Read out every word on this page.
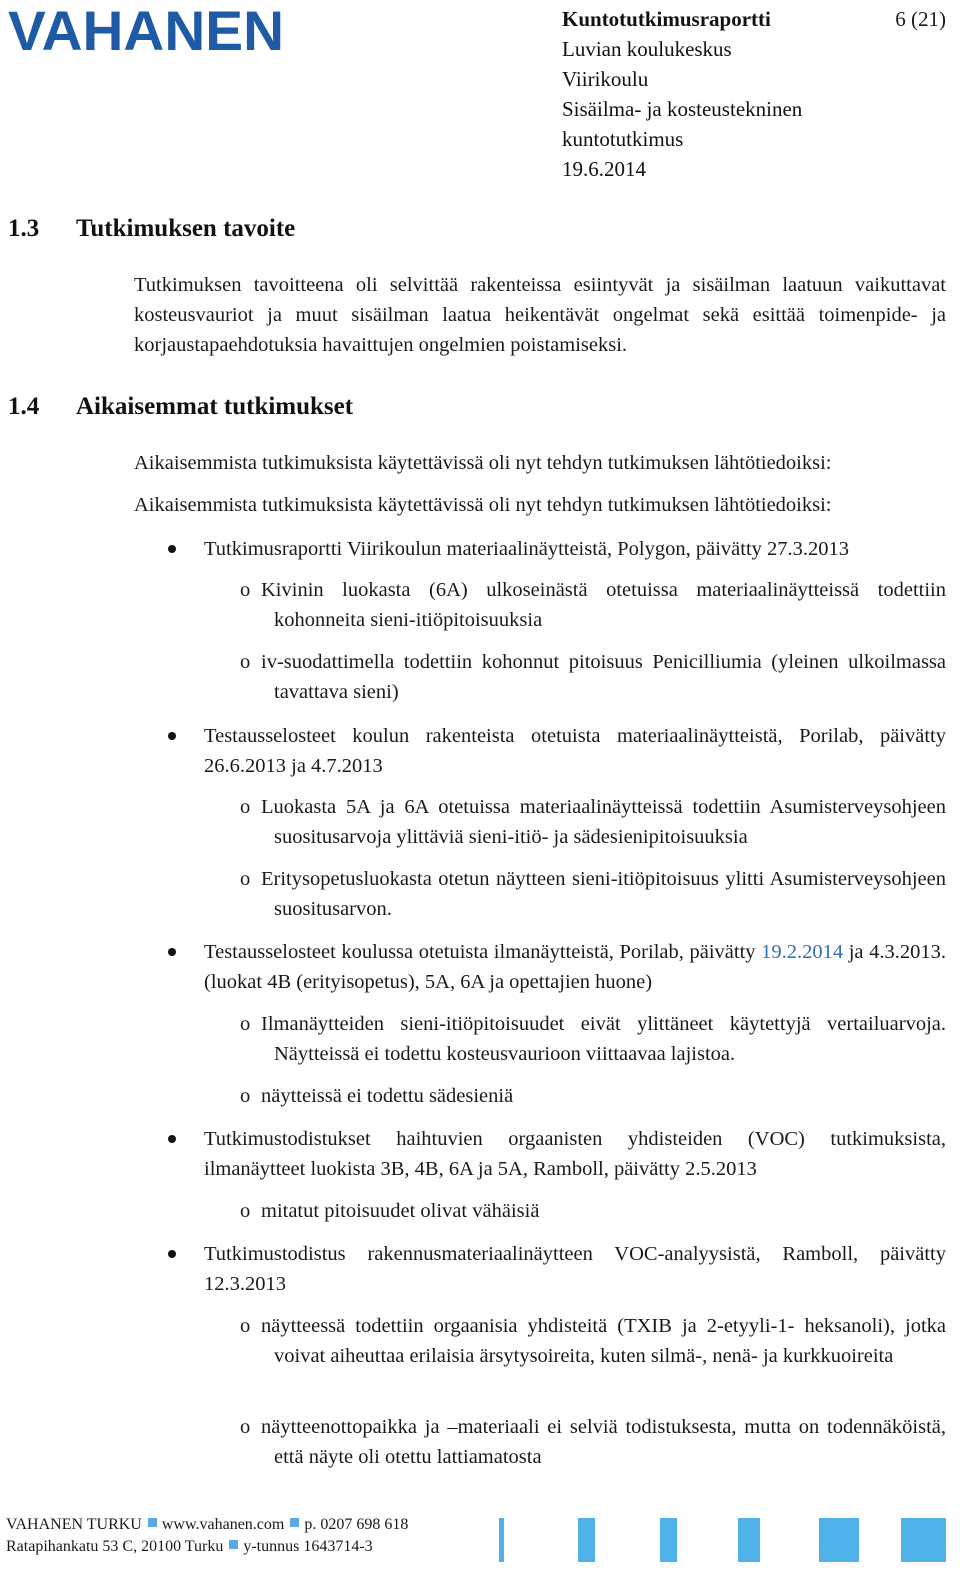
VAHANEN	Kuntotutkimusraportti
Luvian koulukeskus
Viirikoulu
Sisäilma- ja kosteustekninen
kuntotutkimus
19.6.2014
6 (21)
1.3 Tutkimuksen tavoite
Tutkimuksen tavoitteena oli selvittää rakenteissa esiintyvät ja sisäilman laatuun vaikuttavat kosteusvauriot ja muut sisäilman laatua heikentävät ongelmat sekä esittää toimenpide- ja korjaustapaehdotuksia havaittujen ongelmien poistamiseksi.
1.4 Aikaisemmat tutkimukset
Aikaisemmista tutkimuksista käytettävissä oli nyt tehdyn tutkimuksen lähtötiedoiksi:
Aikaisemmista tutkimuksista käytettävissä oli nyt tehdyn tutkimuksen lähtötiedoiksi:
Tutkimusraportti Viirikoulun materiaalinäytteistä, Polygon, päivätty 27.3.2013
o Kivinin luokasta (6A) ulkoseinästä otetuissa materiaalinäytteissä todettiin kohonneita sieni-itiöpitoisuuksia
o iv-suodattimella todettiin kohonnut pitoisuus Penicilliumia (yleinen ulkoilmassa tavattava sieni)
Testausselosteet koulun rakenteista otetuista materiaalinäytteistä, Porilab, päivätty 26.6.2013 ja 4.7.2013
o Luokasta 5A ja 6A otetuissa materiaalinäytteissä todettiin Asumisterveysohjeen suositusarvoja ylittäviä sieni-itiö- ja sädesienipitoisuuksia
o Eritysopetusluokasta otetun näytteen sieni-itiöpitoisuus ylitti Asumisterveysohjeen suositusarvon.
Testausselosteet koulussa otetuista ilmanäytteistä, Porilab, päivätty 19.2.2014 ja 4.3.2013. (luokat 4B (erityisopetus), 5A, 6A ja opettajien huone)
o Ilmanäytteiden sieni-itiöpitoisuudet eivät ylittäneet käytettyjä vertailuarvoja. Näytteissä ei todettu kosteusvaurioon viittaavaa lajistoa.
o näytteissä ei todettu sädesieniä
Tutkimustodistukset haihtuvien orgaanisten yhdisteiden (VOC) tutkimuksista, ilmanäytteet luokista 3B, 4B, 6A ja 5A, Ramboll, päivätty 2.5.2013
o mitatut pitoisuudet olivat vähäisiä
Tutkimustodistus rakennusmateriaalinäytteen VOC-analyysistä, Ramboll, päivätty 12.3.2013
o näytteessä todettiin orgaanisia yhdisteitä (TXIB ja 2-etyyli-1- heksanoli), jotka voivat aiheuttaa erilaisia ärsytysoireita, kuten silmä-, nenä- ja kurkkuoireita
o näytteenottopaikka ja –materiaali ei selviä todistuksesta, mutta on todennäköistä, että näyte oli otettu lattiamatosta
VAHANEN TURKU www.vahanen.com p. 0207 698 618
Ratapihankatu 53 C, 20100 Turku y-tunnus 1643714-3
